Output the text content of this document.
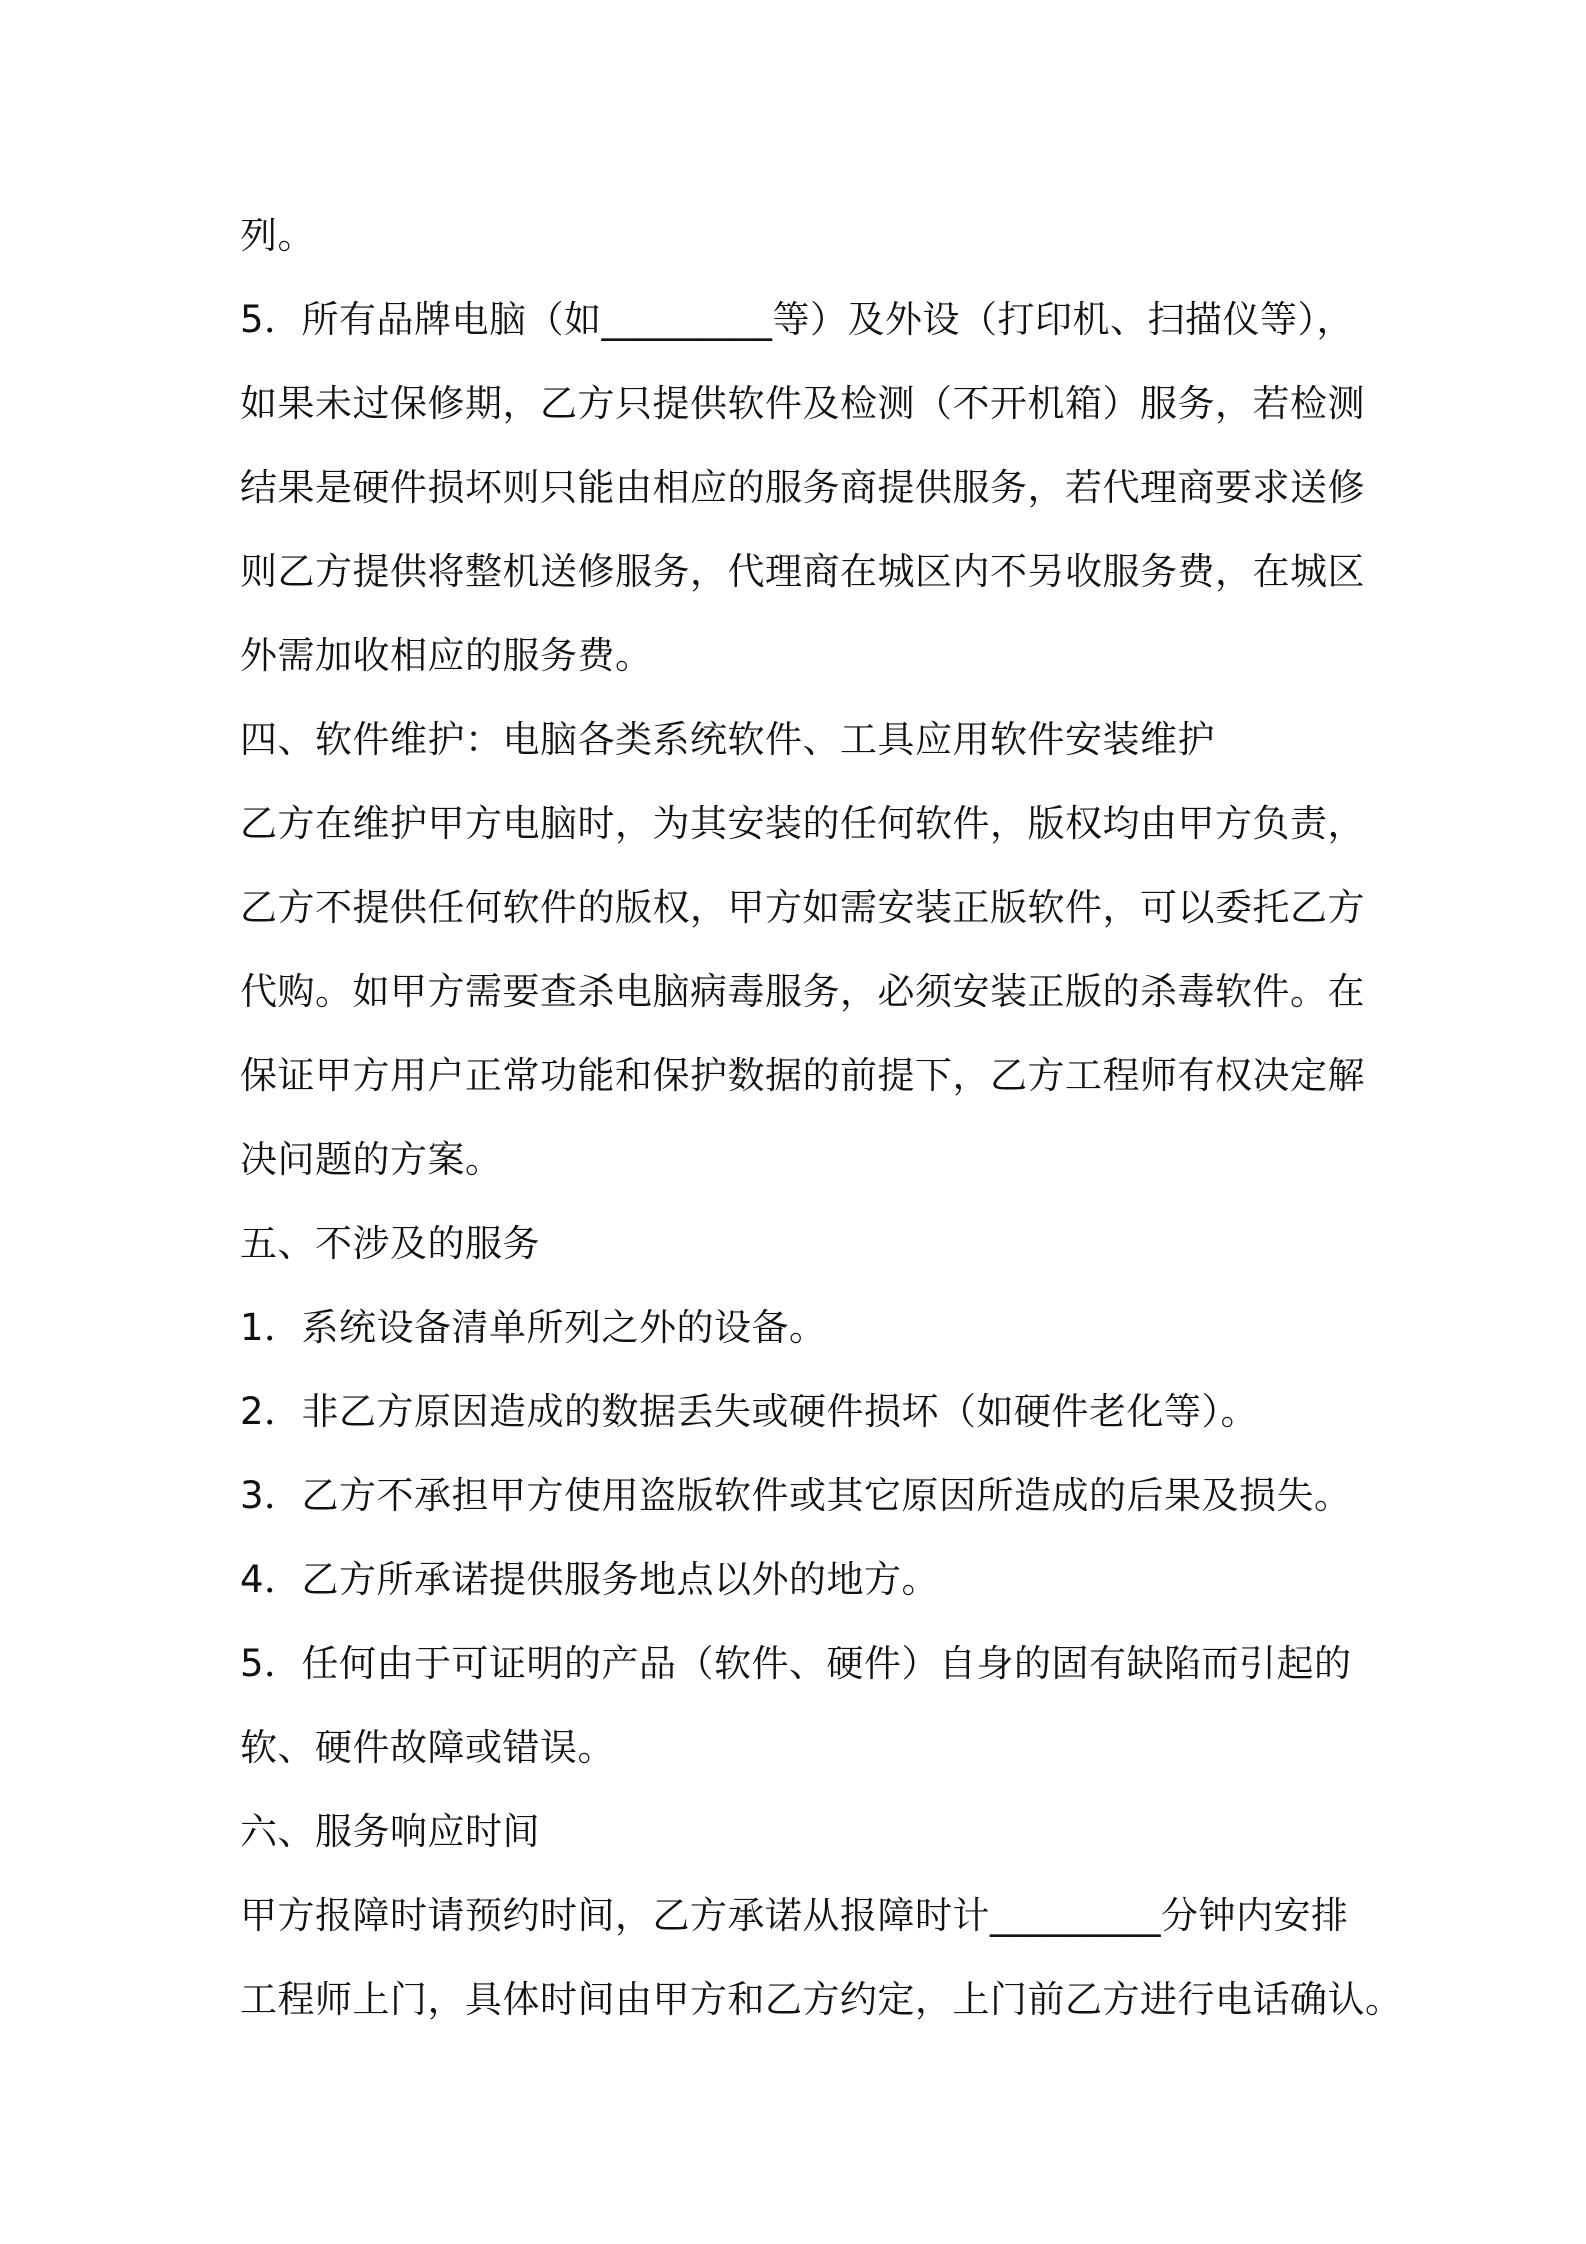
列。
5．所有品牌电脑（如_________等）及外设（打印机、扫描仪等），
如果未过保修期，乙方只提供软件及检测（不开机箱）服务，若检测
结果是硬件损坏则只能由相应的服务商提供服务，若代理商要求送修
则乙方提供将整机送修服务，代理商在城区内不另收服务费，在城区
外需加收相应的服务费。
四、软件维护：电脑各类系统软件、工具应用软件安装维护
乙方在维护甲方电脑时，为其安装的任何软件，版权均由甲方负责，
乙方不提供任何软件的版权，甲方如需安装正版软件，可以委托乙方
代购。如甲方需要查杀电脑病毒服务，必须安装正版的杀毒软件。在
保证甲方用户正常功能和保护数据的前提下，乙方工程师有权决定解
决问题的方案。
五、不涉及的服务
1．系统设备清单所列之外的设备。
2．非乙方原因造成的数据丢失或硬件损坏（如硬件老化等）。
3．乙方不承担甲方使用盗版软件或其它原因所造成的后果及损失。
4．乙方所承诺提供服务地点以外的地方。
5．任何由于可证明的产品（软件、硬件）自身的固有缺陷而引起的
软、硬件故障或错误。
六、服务响应时间
甲方报障时请预约时间，乙方承诺从报障时计_________分钟内安排
工程师上门，具体时间由甲方和乙方约定，上门前乙方进行电话确认。
